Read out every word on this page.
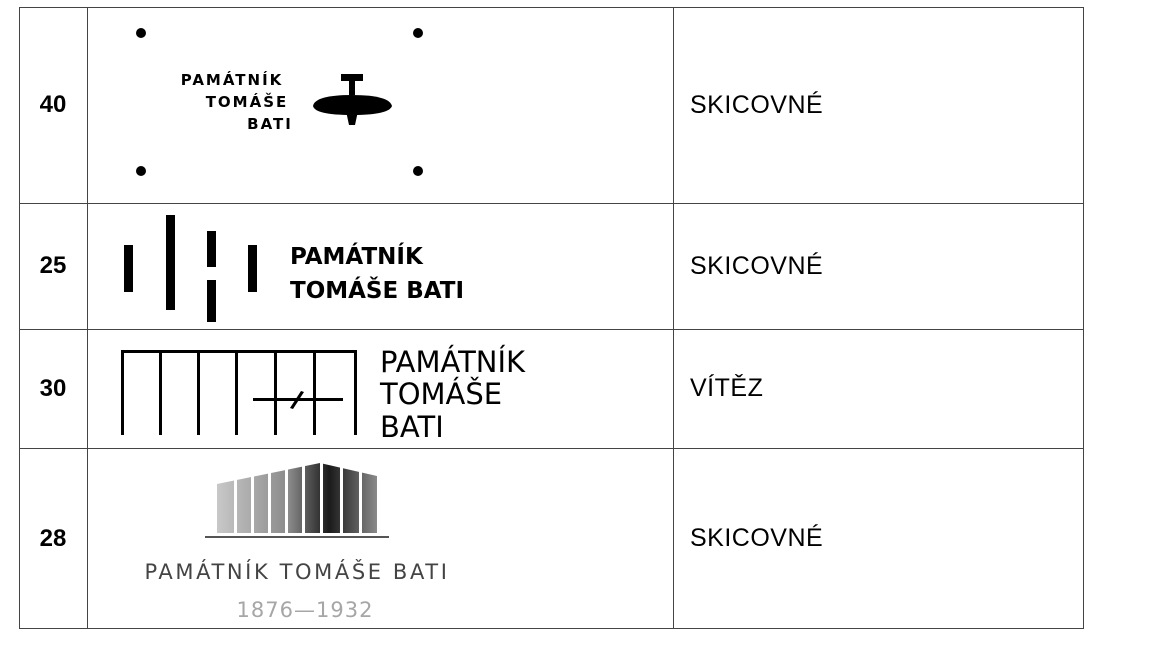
40
PAMÁTNÍK
TOMÁŠE
BATI
SKICOVNÉ
25	PAMÁTNÍK
TOMÁŠE BATI
SKICOVNÉ
30
PAMÁTNÍK
TOMÁŠE
BATI
VÍTĚZ
28
PAMÁTNÍK TOMÁŠE BATI
1876—1932
SKICOVNÉ
